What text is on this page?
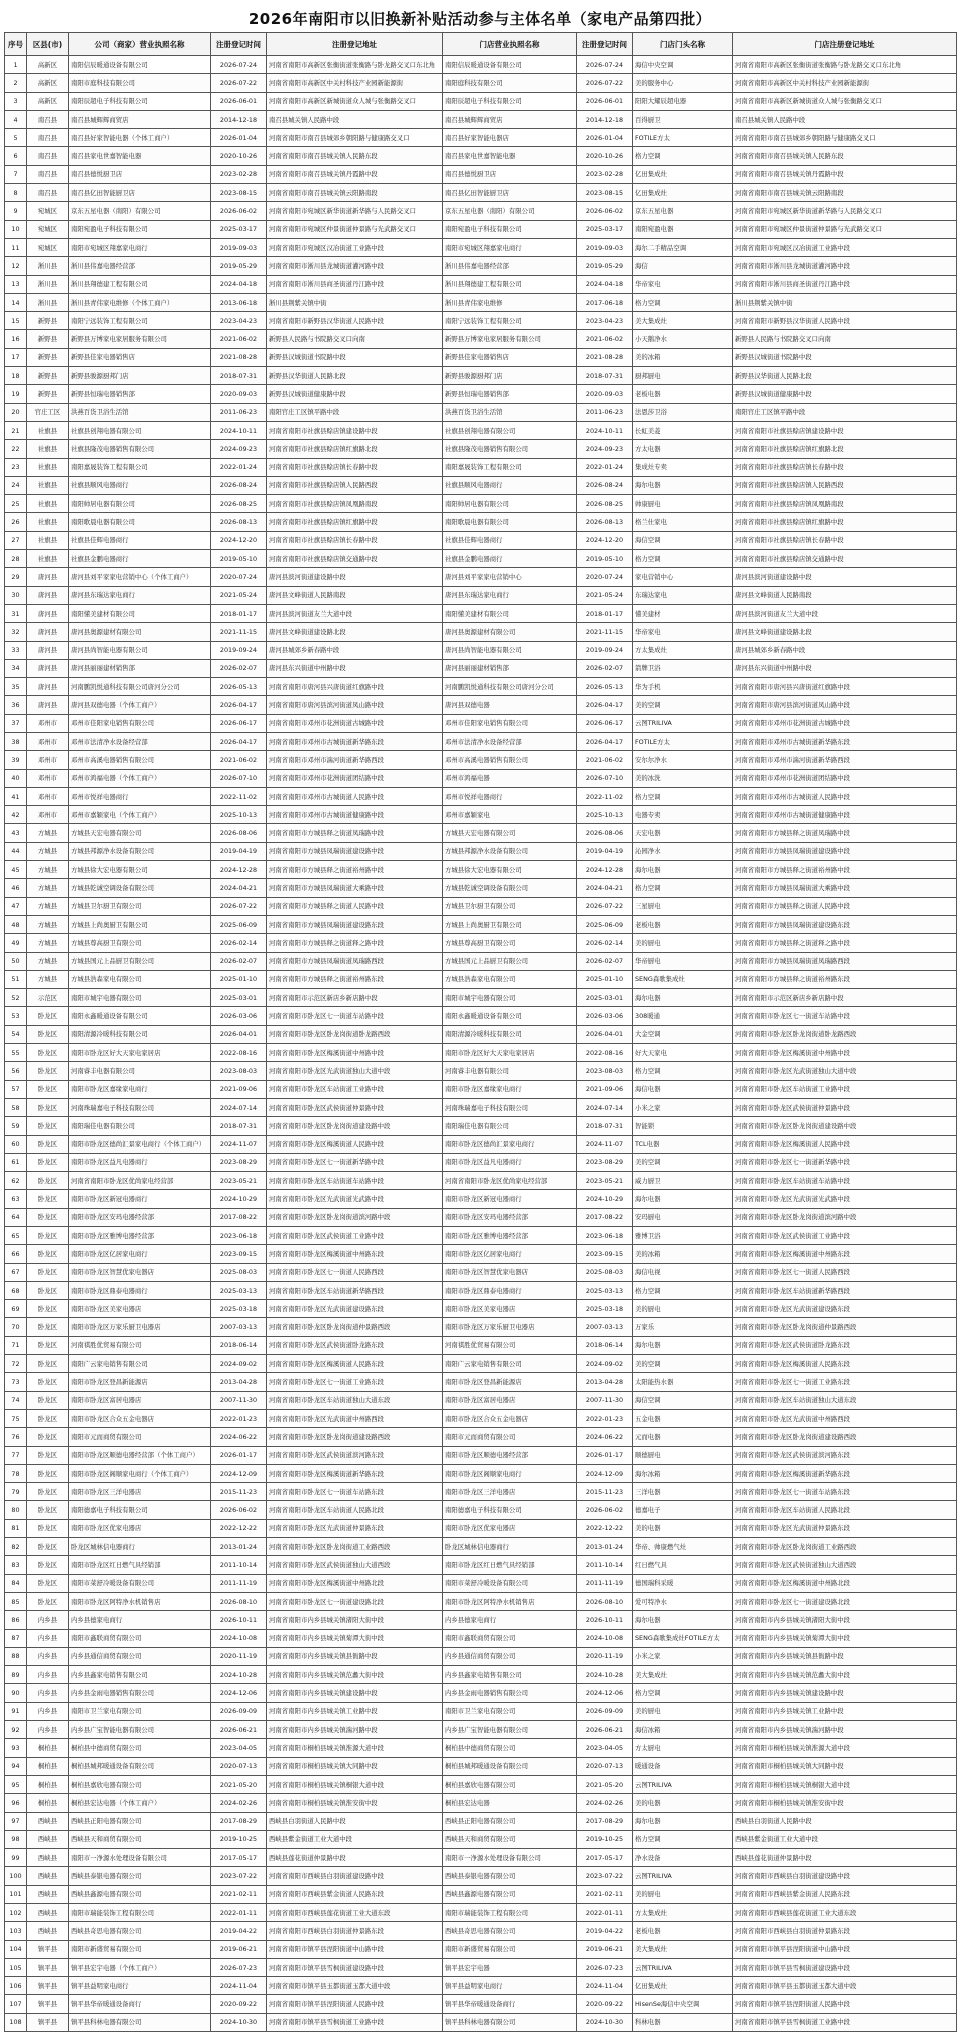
2026年南阳市以旧换新补贴活动参与主体名单（家电产品第四批）
序号	区县(市)	公司（商家）营业执照名称	注册登记时间	注册登记地址	门店营业执照名称	注册登记时间	门店门头名称	门店注册登记地址
1	高新区	南阳信辰暖通设备有限公司	2026-07-24	河南省南阳市高新区张衡街道张衡路与卧龙路交叉口东北角	南阳信辰暖通设备有限公司	2026-07-24	海信中央空调	河南省南阳市高新区张衡街道张衡路与卧龙路交叉口东北角
2	高新区	南阳市庭科技有限公司	2026-07-22	河南省南阳市高新区中关村科技产业园新能源街	南阳庭科技有限公司	2026-07-22	美的服务中心	河南省南阳市高新区中关村科技产业园新能源街
3	高新区	南阳辰超电子科技有限公司	2026-06-01	河南省南阳市高新区新城街道众人城与张衡路交叉口	南阳辰超电子科技有限公司	2026-06-01	阳阳大耀辰超电器	河南省南阳市高新区新城街道众人城与张衡路交叉口
4	南召县	南召县城辉辉商贸店	2014-12-18	南召县城关镇人民路中段	南召县城辉辉商贸店	2014-12-18	百得厨卫	南召县城关镇人民路中段
5	南召县	南召县好家智能电器（个体工商户）	2026-01-04	河南省南阳市南召县城郊乡朝阳路与健康路交叉口	南召县好家智能电器店	2026-01-04	FOTILE方太	河南省南阳市南召县城郊乡朝阳路与健康路交叉口
6	南召县	南召县家电世嘉智能电器	2020-10-26	河南省南阳市南召县城关镇人民路东段	南召县家电世嘉智能电器	2020-10-26	格力空调	河南省南阳市南召县城关镇人民路东段
7	南召县	南召县德悦厨卫店	2023-02-28	河南省南阳市南召县城关镇丹霞路中段	南召县德悦厨卫店	2023-02-28	亿田集成灶	河南省南阳市南召县城关镇丹霞路中段
8	南召县	南召县亿田智能厨卫店	2023-08-15	河南省南阳市南召县城关镇云阳路南段	南召县亿田智能厨卫店	2023-08-15	亿田集成灶	河南省南阳市南召县城关镇云阳路南段
9	宛城区	京东五星电器（南阳）有限公司	2026-06-02	河南省南阳市宛城区新华街道新华路与人民路交叉口	京东五星电器（南阳）有限公司	2026-06-02	京东五星电器	河南省南阳市宛城区新华街道新华路与人民路交叉口
10	宛城区	南阳宛盈电子科技有限公司	2025-03-17	河南省南阳市宛城区仲景街道仲景路与光武路交叉口	南阳宛盈电子科技有限公司	2025-03-17	南阳宛盈电器	河南省南阳市宛城区仲景街道仲景路与光武路交叉口
11	宛城区	南阳市宛城区翔嘉家电商行	2019-09-03	河南省南阳市宛城区汉冶街道工业路中段	南阳市宛城区翔嘉家电商行	2019-09-03	海尔二手精品空调	河南省南阳市宛城区汉冶街道工业路中段
12	淅川县	淅川县伟嘉电器经营部	2019-05-29	河南省南阳市淅川县龙城街道灌河路中段	淅川县伟嘉电器经营部	2019-05-29	海信	河南省南阳市淅川县龙城街道灌河路中段
13	淅川县	淅川县翔德建工程有限公司	2024-04-18	河南省南阳市淅川县商圣街道丹江路中段	淅川县翔德建工程有限公司	2024-04-18	华帝家电	河南省南阳市淅川县商圣街道丹江路中段
14	淅川县	淅川县青伟家电维修（个体工商户）	2013-06-18	淅川县荆紫关镇中街	淅川县青伟家电维修	2017-06-18	格力空调	淅川县荆紫关镇中街
15	新野县	南阳宁远装饰工程有限公司	2023-04-23	河南省南阳市新野县汉华街道人民路中段	南阳宁远装饰工程有限公司	2023-04-23	美大集成灶	河南省南阳市新野县汉华街道人民路中段
16	新野县	新野县万博家电家居服务有限公司	2021-06-02	新野县人民路与书院路交叉口向南	新野县万博家电家居服务有限公司	2021-06-02	小天鹅净水	新野县人民路与书院路交叉口向南
17	新野县	新野县佳家电器销售店	2021-08-28	新野县汉城街道书院路中段	新野县佳家电器销售店	2021-08-28	美的冰箱	新野县汉城街道书院路中段
18	新野县	新野县骏源厨邦门店	2018-07-31	新野县汉华街道人民路北段	新野县骏源厨邦门店	2018-07-31	厨邦厨电	新野县汉华街道人民路北段
19	新野县	新野县恒瑞电器销售部	2020-09-03	新野县汉城街道健康路中段	新野县恒瑞电器销售部	2020-09-03	老板电器	新野县汉城街道健康路中段
20	官庄工区	洪燕百货卫浴生活馆	2011-06-23	南阳官庄工区镇平路中段	洪燕百货卫浴生活馆	2011-06-23	法恩莎卫浴	南阳官庄工区镇平路中段
21	社旗县	社旗县创翔电器有限公司	2024-10-11	河南省南阳市社旗县赊店镇建设路中段	社旗县创翔电器有限公司	2024-10-11	长虹美菱	河南省南阳市社旗县赊店镇建设路中段
22	社旗县	社旗县隆茂电器销售有限公司	2024-09-23	河南省南阳市社旗县赊店镇红旗路北段	社旗县隆茂电器销售有限公司	2024-09-23	方太电器	河南省南阳市社旗县赊店镇红旗路北段
23	社旗县	南阳嘉晟装饰工程有限公司	2022-01-24	河南省南阳市社旗县赊店镇长春路中段	南阳嘉晟装饰工程有限公司	2022-01-24	集成灶专卖	河南省南阳市社旗县赊店镇长春路中段
24	社旗县	社旗县顺风电器商行	2026-08-24	河南省南阳市社旗县赊店镇人民路西段	社旗县顺风电器商行	2026-08-24	海尔电器	河南省南阳市社旗县赊店镇人民路西段
25	社旗县	南阳帅居电器有限公司	2026-08-25	河南省南阳市社旗县赊店镇凤凰路南段	南阳帅居电器有限公司	2026-08-25	帅康厨电	河南省南阳市社旗县赊店镇凤凰路南段
26	社旗县	南阳歌晨电器有限公司	2026-08-13	河南省南阳市社旗县赊店镇红旗路中段	南阳歌晨电器有限公司	2026-08-13	格兰仕家电	河南省南阳市社旗县赊店镇红旗路中段
27	社旗县	社旗县佳辉电器商行	2024-12-20	河南省南阳市社旗县赊店镇长春路中段	社旗县佳辉电器商行	2024-12-20	海信空调	河南省南阳市社旗县赊店镇长春路中段
28	社旗县	社旗县金鹏电器商行	2019-05-10	河南省南阳市社旗县赊店镇交通路中段	社旗县金鹏电器商行	2019-05-10	格力空调	河南省南阳市社旗县赊店镇交通路中段
29	唐河县	唐河县刘平家家电营销中心（个体工商户）	2020-07-24	唐河县滨河街道建设路中段	唐河县刘平家家电营销中心	2020-07-24	家电营销中心	唐河县滨河街道建设路中段
30	唐河县	唐河县东瑞达家电商行	2021-05-24	唐河县文峰街道人民路南段	唐河县东瑞达家电商行	2021-05-24	东瑞达家电	唐河县文峰街道人民路南段
31	唐河县	南阳懂美建材有限公司	2018-01-17	唐河县滨河街道友兰大道中段	南阳懂美建材有限公司	2018-01-17	懂美建材	唐河县滨河街道友兰大道中段
32	唐河县	唐河县奥源建材有限公司	2021-11-15	唐河县文峰街道建设路北段	唐河县奥源建材有限公司	2021-11-15	华帝家电	唐河县文峰街道建设路北段
33	唐河县	唐河县尚智能电器有限公司	2019-09-24	唐河县城郊乡新春路中段	唐河县尚智能电器有限公司	2019-09-24	方太集成灶	唐河县城郊乡新春路中段
34	唐河县	唐河县丽丽建材销售部	2026-02-07	唐河县东兴街道中州路中段	唐河县丽丽建材销售部	2026-02-07	箭牌卫浴	唐河县东兴街道中州路中段
35	唐河县	河南鹏凯悦通科技有限公司唐河分公司	2026-05-13	河南省南阳市唐河县兴唐街道红旗路中段	河南鹏凯悦通科技有限公司唐河分公司	2026-05-13	华为手机	河南省南阳市唐河县兴唐街道红旗路中段
36	唐河县	唐河县双德电器（个体工商户）	2026-04-17	河南省南阳市唐河县滨河街道凤山路中段	唐河县双德电器	2026-04-17	美的空调	河南省南阳市唐河县滨河街道凤山路中段
37	邓州市	邓州市佳阳家电销售有限公司	2026-06-17	河南省南阳市邓州市花洲街道古城路中段	邓州市佳阳家电销售有限公司	2026-06-17	云图TRILIVA	河南省南阳市邓州市花洲街道古城路中段
38	邓州市	邓州市法清净水设备经营部	2026-04-17	河南省南阳市邓州市古城街道新华路东段	邓州市法清净水设备经营部	2026-04-17	FOTILE方太	河南省南阳市邓州市古城街道新华路东段
39	邓州市	邓州市高溪电器销售有限公司	2021-06-02	河南省南阳市邓州市湍河街道新华路西段	邓州市高溪电器销售有限公司	2021-06-02	安尔尔净水	河南省南阳市邓州市湍河街道新华路西段
40	邓州市	邓州市鸿福电器（个体工商户）	2026-07-10	河南省南阳市邓州市花洲街道团结路中段	邓州市鸿福电器	2026-07-10	美的冰洗	河南省南阳市邓州市花洲街道团结路中段
41	邓州市	邓州市悦祥电器商行	2022-11-02	河南省南阳市邓州市古城街道人民路中段	邓州市悦祥电器商行	2022-11-02	格力空调	河南省南阳市邓州市古城街道人民路中段
42	邓州市	邓州市嘉颖家电（个体工商户）	2025-10-13	河南省南阳市邓州市古城街道健康路中段	邓州市嘉颖家电	2025-10-13	电器专卖	河南省南阳市邓州市古城街道健康路中段
43	方城县	方城县天宏电器有限公司	2026-08-06	河南省南阳市方城县释之街道凤瑞路中段	方城县天宏电器有限公司	2026-08-06	天宏电器	河南省南阳市方城县释之街道凤瑞路中段
44	方城县	方城县邦源净水设备有限公司	2019-04-19	河南省南阳市方城县凤瑞街道建设路中段	方城县邦源净水设备有限公司	2019-04-19	沁园净水	河南省南阳市方城县凤瑞街道建设路中段
45	方城县	方城县徐大宏电器有限公司	2024-12-28	河南省南阳市方城县释之街道裕州路中段	方城县徐大宏电器有限公司	2024-12-28	海尔电器	河南省南阳市方城县释之街道裕州路中段
46	方城县	方城县乾诚空调设备有限公司	2024-04-21	河南省南阳市方城县凤瑞街道大乘路中段	方城县乾诚空调设备有限公司	2024-04-21	格力空调	河南省南阳市方城县凤瑞街道大乘路中段
47	方城县	方城县卫尔厨卫有限公司	2026-07-22	河南省南阳市方城县释之街道人民路中段	方城县卫尔厨卫有限公司	2026-07-22	三星厨电	河南省南阳市方城县释之街道人民路中段
48	方城县	方城县上尚奥厨卫有限公司	2025-06-09	河南省南阳市方城县凤瑞街道建设路东段	方城县上尚奥厨卫有限公司	2025-06-09	老板电器	河南省南阳市方城县凤瑞街道建设路东段
49	方城县	方城县尊高厨卫有限公司	2026-02-14	河南省南阳市方城县释之街道释之路中段	方城县尊高厨卫有限公司	2026-02-14	美的厨电	河南省南阳市方城县释之街道释之路中段
50	方城县	方城县国元上品厨卫有限公司	2026-02-07	河南省南阳市方城县凤瑞街道凤瑞路西段	方城县国元上品厨卫有限公司	2026-02-07	华帝厨电	河南省南阳市方城县凤瑞街道凤瑞路西段
51	方城县	方城县浩森家电有限公司	2025-01-10	河南省南阳市方城县释之街道裕州路东段	方城县浩森家电有限公司	2025-01-10	SENG森歌集成灶	河南省南阳市方城县释之街道裕州路东段
52	示范区	南阳市城宇电器有限公司	2025-03-01	河南省南阳市示范区新店乡新店路中段	南阳市城宇电器有限公司	2025-03-01	海尔电器	河南省南阳市示范区新店乡新店路中段
53	卧龙区	南阳永鑫暖通设备有限公司	2026-03-06	河南省南阳市卧龙区七一街道车站路中段	南阳永鑫暖通设备有限公司	2026-03-06	308暖通	河南省南阳市卧龙区七一街道车站路中段
54	卧龙区	南阳清源冷暖科技有限公司	2026-04-01	河南省南阳市卧龙区卧龙岗街道卧龙路西段	南阳清源冷暖科技有限公司	2026-04-01	大金空调	河南省南阳市卧龙区卧龙岗街道卧龙路西段
55	卧龙区	南阳市卧龙区好大天家电家居店	2022-08-16	河南省南阳市卧龙区梅溪街道中州路中段	南阳市卧龙区好大天家电家居店	2022-08-16	好大天家电	河南省南阳市卧龙区梅溪街道中州路中段
56	卧龙区	河南睿丰电器有限公司	2023-08-03	河南省南阳市卧龙区光武街道独山大道中段	河南睿丰电器有限公司	2023-08-03	格力空调	河南省南阳市卧龙区光武街道独山大道中段
57	卧龙区	南阳市卧龙区嘉缘家电商行	2021-09-06	河南省南阳市卧龙区车站街道工业路中段	南阳市卧龙区嘉缘家电商行	2021-09-06	海信电器	河南省南阳市卧龙区车站街道工业路中段
58	卧龙区	河南珠瑞嘉电子科技有限公司	2024-07-14	河南省南阳市卧龙区武侯街道仲景路中段	河南珠瑞嘉电子科技有限公司	2024-07-14	小米之家	河南省南阳市卧龙区武侯街道仲景路中段
59	卧龙区	南阳瑞佳电器有限公司	2018-07-31	河南省南阳市卧龙区卧龙岗街道建设路中段	南阳瑞佳电器有限公司	2018-07-31	智能锁	河南省南阳市卧龙区卧龙岗街道建设路中段
60	卧龙区	南阳市卧龙区德尚汇景家电商行（个体工商户）	2024-11-07	河南省南阳市卧龙区梅溪街道人民路中段	南阳市卧龙区德尚汇景家电商行	2024-11-07	TCL电器	河南省南阳市卧龙区梅溪街道人民路中段
61	卧龙区	南阳市卧龙区益凡电器商行	2023-08-29	河南省南阳市卧龙区七一街道新华路中段	南阳市卧龙区益凡电器商行	2023-08-29	美的空调	河南省南阳市卧龙区七一街道新华路中段
62	卧龙区	河南省南阳市卧龙区优尚家电经营部	2023-05-21	河南省南阳市卧龙区车站街道车站路中段	河南省南阳市卧龙区优尚家电经营部	2023-05-21	威力厨卫	河南省南阳市卧龙区车站街道车站路中段
63	卧龙区	南阳市卧龙区新冠电器商行	2024-10-29	河南省南阳市卧龙区光武街道光武路中段	南阳市卧龙区新冠电器商行	2024-10-29	海尔电器	河南省南阳市卧龙区光武街道光武路中段
64	卧龙区	南阳市卧龙区安玛电器经营部	2017-08-22	河南省南阳市卧龙区卧龙岗街道滨河路中段	南阳市卧龙区安玛电器经营部	2017-08-22	安玛厨电	河南省南阳市卧龙区卧龙岗街道滨河路中段
65	卧龙区	南阳市卧龙区雅博电器经营部	2023-06-18	河南省南阳市卧龙区武侯街道工业路中段	南阳市卧龙区雅博电器经营部	2023-06-18	雅博卫浴	河南省南阳市卧龙区武侯街道工业路中段
66	卧龙区	南阳市卧龙区亿居家电商行	2023-09-15	河南省南阳市卧龙区梅溪街道中州路东段	南阳市卧龙区亿居家电商行	2023-09-15	美的冰箱	河南省南阳市卧龙区梅溪街道中州路东段
67	卧龙区	南阳市卧龙区智慧优家电器店	2025-08-03	河南省南阳市卧龙区七一街道人民路西段	南阳市卧龙区智慧优家电器店	2025-08-03	海信电视	河南省南阳市卧龙区七一街道人民路西段
68	卧龙区	南阳市卧龙区鼎泰电器商行	2025-03-13	河南省南阳市卧龙区车站街道新华路西段	南阳市卧龙区鼎泰电器商行	2025-03-13	格力空调	河南省南阳市卧龙区车站街道新华路西段
69	卧龙区	南阳市卧龙区美家电器店	2025-03-18	河南省南阳市卧龙区光武街道建设路东段	南阳市卧龙区美家电器店	2025-03-18	美的厨电	河南省南阳市卧龙区光武街道建设路东段
70	卧龙区	南阳市卧龙区万家乐厨卫电器店	2007-03-13	河南省南阳市卧龙区卧龙岗街道仲景路西段	南阳市卧龙区万家乐厨卫电器店	2007-03-13	万家乐	河南省南阳市卧龙区卧龙岗街道仲景路西段
71	卧龙区	河南祺胜优贸易有限公司	2018-06-14	河南省南阳市卧龙区武侯街道卧龙路东段	河南祺胜优贸易有限公司	2018-06-14	海尔电器	河南省南阳市卧龙区武侯街道卧龙路东段
72	卧龙区	南阳广云家电销售有限公司	2024-09-02	河南省南阳市卧龙区梅溪街道人民路东段	南阳广云家电销售有限公司	2024-09-02	美的空调	河南省南阳市卧龙区梅溪街道人民路东段
73	卧龙区	南阳市卧龙区登昌新能源店	2013-04-28	河南省南阳市卧龙区七一街道工业路东段	南阳市卧龙区登昌新能源店	2013-04-28	太阳能热水器	河南省南阳市卧龙区七一街道工业路东段
74	卧龙区	南阳市卧龙区富居电器店	2007-11-30	河南省南阳市卧龙区车站街道独山大道东段	南阳市卧龙区富居电器店	2007-11-30	海信空调	河南省南阳市卧龙区车站街道独山大道东段
75	卧龙区	南阳市卧龙区合众五金电器店	2022-01-23	河南省南阳市卧龙区光武街道中州路西段	南阳市卧龙区合众五金电器店	2022-01-23	五金电器	河南省南阳市卧龙区光武街道中州路西段
76	卧龙区	南阳市元而商贸有限公司	2024-06-22	河南省南阳市卧龙区卧龙岗街道建设路西段	南阳市元而商贸有限公司	2024-06-22	元而电器	河南省南阳市卧龙区卧龙岗街道建设路西段
77	卧龙区	南阳市卧龙区顺德电器经营部（个体工商户）	2026-01-17	河南省南阳市卧龙区武侯街道滨河路东段	南阳市卧龙区顺德电器经营部	2026-01-17	顺德厨电	河南省南阳市卧龙区武侯街道滨河路东段
78	卧龙区	南阳市卧龙区阁顺家电商行（个体工商户）	2024-12-09	河南省南阳市卧龙区梅溪街道新华路东段	南阳市卧龙区阁顺家电商行	2024-12-09	海尔冰箱	河南省南阳市卧龙区梅溪街道新华路东段
79	卧龙区	南阳市卧龙区三洋电器店	2015-11-23	河南省南阳市卧龙区七一街道车站路东段	南阳市卧龙区三洋电器店	2015-11-23	三洋电器	河南省南阳市卧龙区七一街道车站路东段
80	卧龙区	南阳德嘉电子科技有限公司	2026-06-02	河南省南阳市卧龙区车站街道人民路北段	南阳德嘉电子科技有限公司	2026-06-02	德嘉电子	河南省南阳市卧龙区车站街道人民路北段
81	卧龙区	南阳市卧龙区优家电器店	2022-12-22	河南省南阳市卧龙区光武街道仲景路东段	南阳市卧龙区优家电器店	2022-12-22	美的电器	河南省南阳市卧龙区光武街道仲景路东段
82	卧龙区	卧龙区城林信电器商行	2013-01-24	河南省南阳市卧龙区卧龙岗街道工业路西段	卧龙区城林信电器商行	2013-01-24	华帝、帅康燃气灶	河南省南阳市卧龙区卧龙岗街道工业路西段
83	卧龙区	南阳市卧龙区红日燃气具经销部	2011-10-14	河南省南阳市卧龙区武侯街道独山大道西段	南阳市卧龙区红日燃气具经销部	2011-10-14	红日燃气具	河南省南阳市卧龙区武侯街道独山大道西段
84	卧龙区	南阳市菜舒冷暖设备有限公司	2011-11-19	河南省南阳市卧龙区梅溪街道中州路北段	南阳市菜舒冷暖设备有限公司	2011-11-19	德国瑞科采暖	河南省南阳市卧龙区梅溪街道中州路北段
85	卧龙区	南阳市卧龙区阿特净水机销售店	2026-08-10	河南省南阳市卧龙区七一街道建设路北段	南阳市卧龙区阿特净水机销售店	2026-08-10	爱可特净水	河南省南阳市卧龙区七一街道建设路北段
86	内乡县	内乡县德家电商行	2026-10-11	河南省南阳市内乡县城关镇渚阳大街中段	内乡县德家电商行	2026-10-11	海尔电器	河南省南阳市内乡县城关镇渚阳大街中段
87	内乡县	南阳市鑫联商贸有限公司	2024-10-08	河南省南阳市内乡县城关镇菊潭大街中段	南阳市鑫联商贸有限公司	2024-10-08	SENG森歌集成灶FOTILE方太	河南省南阳市内乡县城关镇菊潭大街中段
88	内乡县	内乡县通信商贸有限公司	2020-11-19	河南省南阳市内乡县城关镇县衙路中段	内乡县通信商贸有限公司	2020-11-19	小米之家	河南省南阳市内乡县城关镇县衙路中段
89	内乡县	内乡县鑫家电销售有限公司	2024-10-28	河南省南阳市内乡县城关镇范蠡大街中段	内乡县鑫家电销售有限公司	2024-10-28	美大集成灶	河南省南阳市内乡县城关镇范蠡大街中段
90	内乡县	内乡县金雨电器销售有限公司	2024-12-06	河南省南阳市内乡县城关镇建设路中段	内乡县金雨电器销售有限公司	2024-12-06	格力空调	河南省南阳市内乡县城关镇建设路中段
91	内乡县	南阳市卫兰家电有限公司	2026-09-09	河南省南阳市内乡县城关镇工业路中段	南阳市卫兰家电有限公司	2026-09-09	美的厨电	河南省南阳市内乡县城关镇工业路中段
92	内乡县	内乡县广宝智能电器有限公司	2026-06-21	河南省南阳市内乡县城关镇湍河路中段	内乡县广宝智能电器有限公司	2026-06-21	海信冰箱	河南省南阳市内乡县城关镇湍河路中段
93	桐柏县	桐柏县中德商贸有限公司	2023-04-05	河南省南阳市桐柏县城关镇淮源大道中段	桐柏县中德商贸有限公司	2023-04-05	方太厨电	河南省南阳市桐柏县城关镇淮源大道中段
94	桐柏县	桐柏县城邦暖通设备有限公司	2020-07-13	河南省南阳市桐柏县城关镇大同路中段	桐柏县城邦暖通设备有限公司	2020-07-13	暖通设备	河南省南阳市桐柏县城关镇大同路中段
95	桐柏县	桐柏县嘉欣电器有限公司	2021-05-20	河南省南阳市桐柏县城关镇桐银大道中段	桐柏县嘉欣电器有限公司	2021-05-20	云图TRILIVA	河南省南阳市桐柏县城关镇桐银大道中段
96	桐柏县	桐柏县宏达电器（个体工商户）	2024-02-26	河南省南阳市桐柏县城关镇淮安街中段	桐柏县宏达电器	2024-02-26	美的电器	河南省南阳市桐柏县城关镇淮安街中段
97	西峡县	西峡县正阳电器有限公司	2017-08-29	西峡县白羽街道人民路中段	西峡县正阳电器有限公司	2017-08-29	海尔电器	西峡县白羽街道人民路中段
98	西峡县	西峡县天和商贸有限公司	2019-10-25	西峡县紫金街道工业大道中段	西峡县天和商贸有限公司	2019-10-25	格力空调	西峡县紫金街道工业大道中段
99	西峡县	南阳市一净源水处理设备有限公司	2017-05-17	西峡县莲花街道仲景路中段	南阳市一净源水处理设备有限公司	2017-05-17	净水设备	西峡县莲花街道仲景路中段
100	西峡县	西峡县泰银电器有限公司	2023-07-22	河南省南阳市西峡县白羽街道建设路中段	西峡县泰银电器有限公司	2023-07-22	云图TRILIVA	河南省南阳市西峡县白羽街道建设路中段
101	西峡县	西峡县鑫源电器有限公司	2021-02-11	河南省南阳市西峡县紫金街道人民路东段	西峡县鑫源电器有限公司	2021-02-11	美的厨电	河南省南阳市西峡县紫金街道人民路东段
102	西峡县	南阳市瑞能装饰工程有限公司	2022-01-11	河南省南阳市西峡县莲花街道工业大道东段	南阳市瑞能装饰工程有限公司	2022-01-11	方太集成灶	河南省南阳市西峡县莲花街道工业大道东段
103	西峡县	西峡县奇思电器有限公司	2019-04-22	河南省南阳市西峡县白羽街道仲景路东段	西峡县奇思电器有限公司	2019-04-22	老板电器	河南省南阳市西峡县白羽街道仲景路东段
104	镇平县	南阳市新盛贸易有限公司	2019-06-21	河南省南阳市镇平县涅阳街道中山路中段	南阳市新盛贸易有限公司	2019-06-21	美大集成灶	河南省南阳市镇平县涅阳街道中山路中段
105	镇平县	镇平县宏宇电器（个体工商户）	2026-07-23	河南省南阳市镇平县雪枫街道建设路中段	镇平县宏宇电器	2026-07-23	云图TRILIVA	河南省南阳市镇平县雪枫街道建设路中段
106	镇平县	镇平县益明家电商行	2024-11-04	河南省南阳市镇平县玉都街道玉都大道中段	镇平县益明家电商行	2024-11-04	亿田集成灶	河南省南阳市镇平县玉都街道玉都大道中段
107	镇平县	镇平县华帝暖通设备商行	2020-09-22	河南省南阳市镇平县涅阳街道人民路中段	镇平县华帝暖通设备商行	2020-09-22	HisenSe海信中央空调	河南省南阳市镇平县涅阳街道人民路中段
108	镇平县	镇平县科林电器有限公司	2024-10-30	河南省南阳市镇平县雪枫街道工业路中段	镇平县科林电器有限公司	2024-10-30	科林电器	河南省南阳市镇平县雪枫街道工业路中段
